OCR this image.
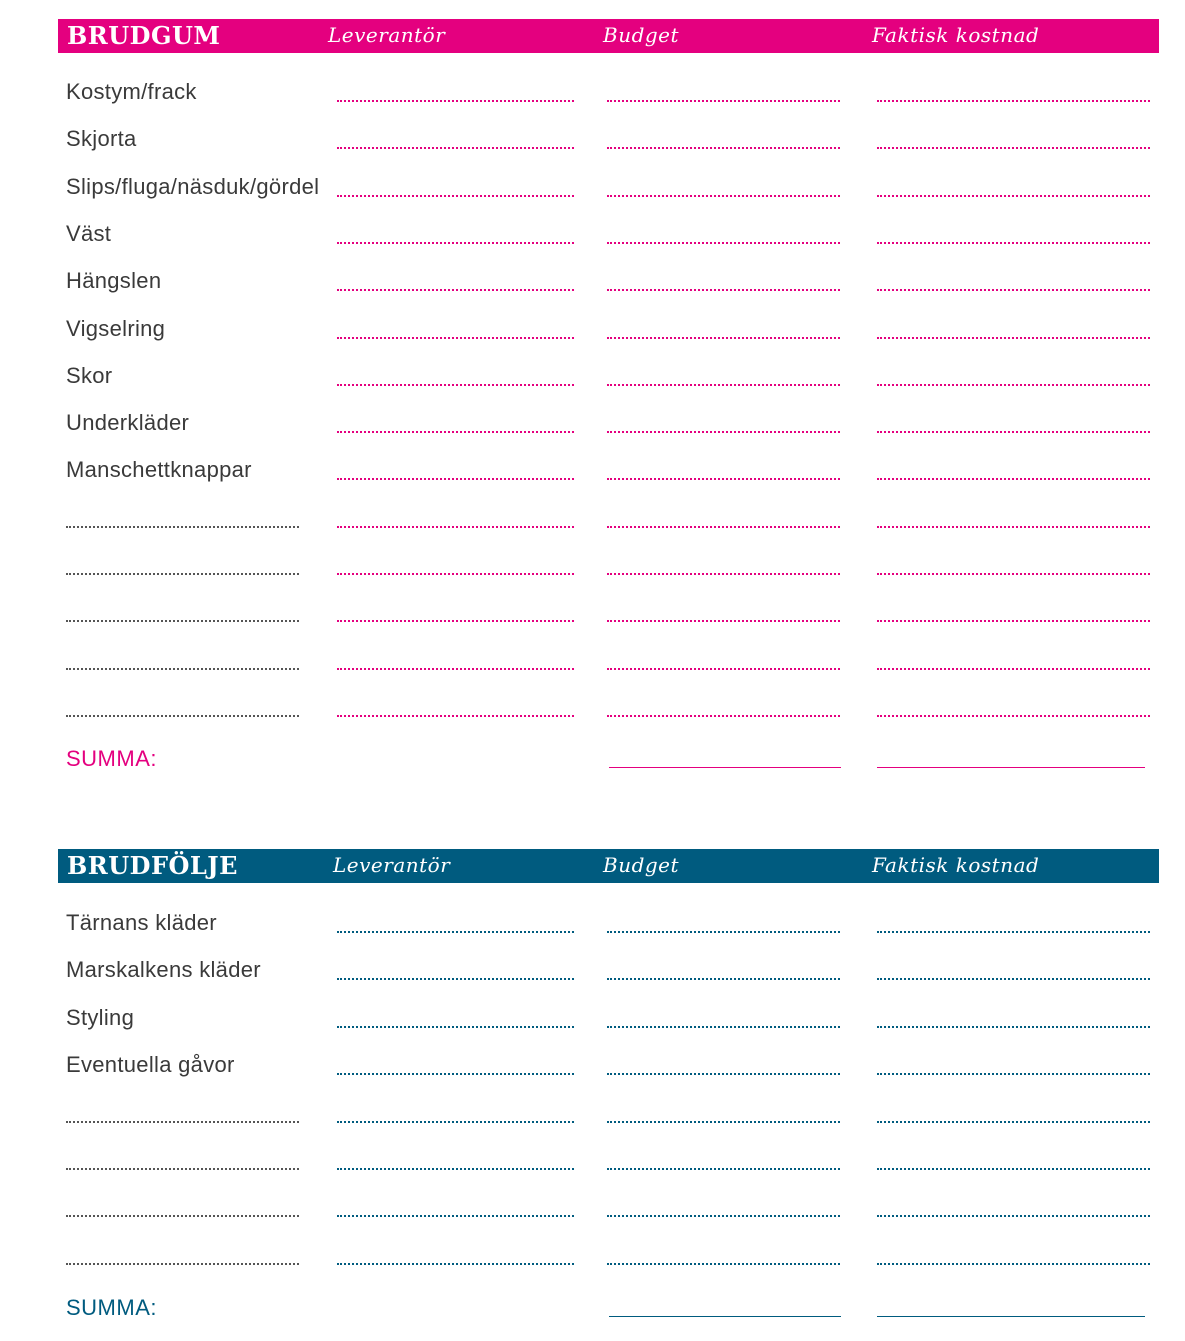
BRUDGUM	Leverantör	Budget	Faktisk kostnad
Kostym/frack
Skjorta
Slips/fluga/näsduk/gördel
Väst
Hängslen
Vigselring
Skor
Underkläder
Manschettknappar
SUMMA:
BRUDFÖLJE	Leverantör	Budget	Faktisk kostnad
Tärnans kläder
Marskalkens kläder
Styling
Eventuella gåvor
SUMMA:
